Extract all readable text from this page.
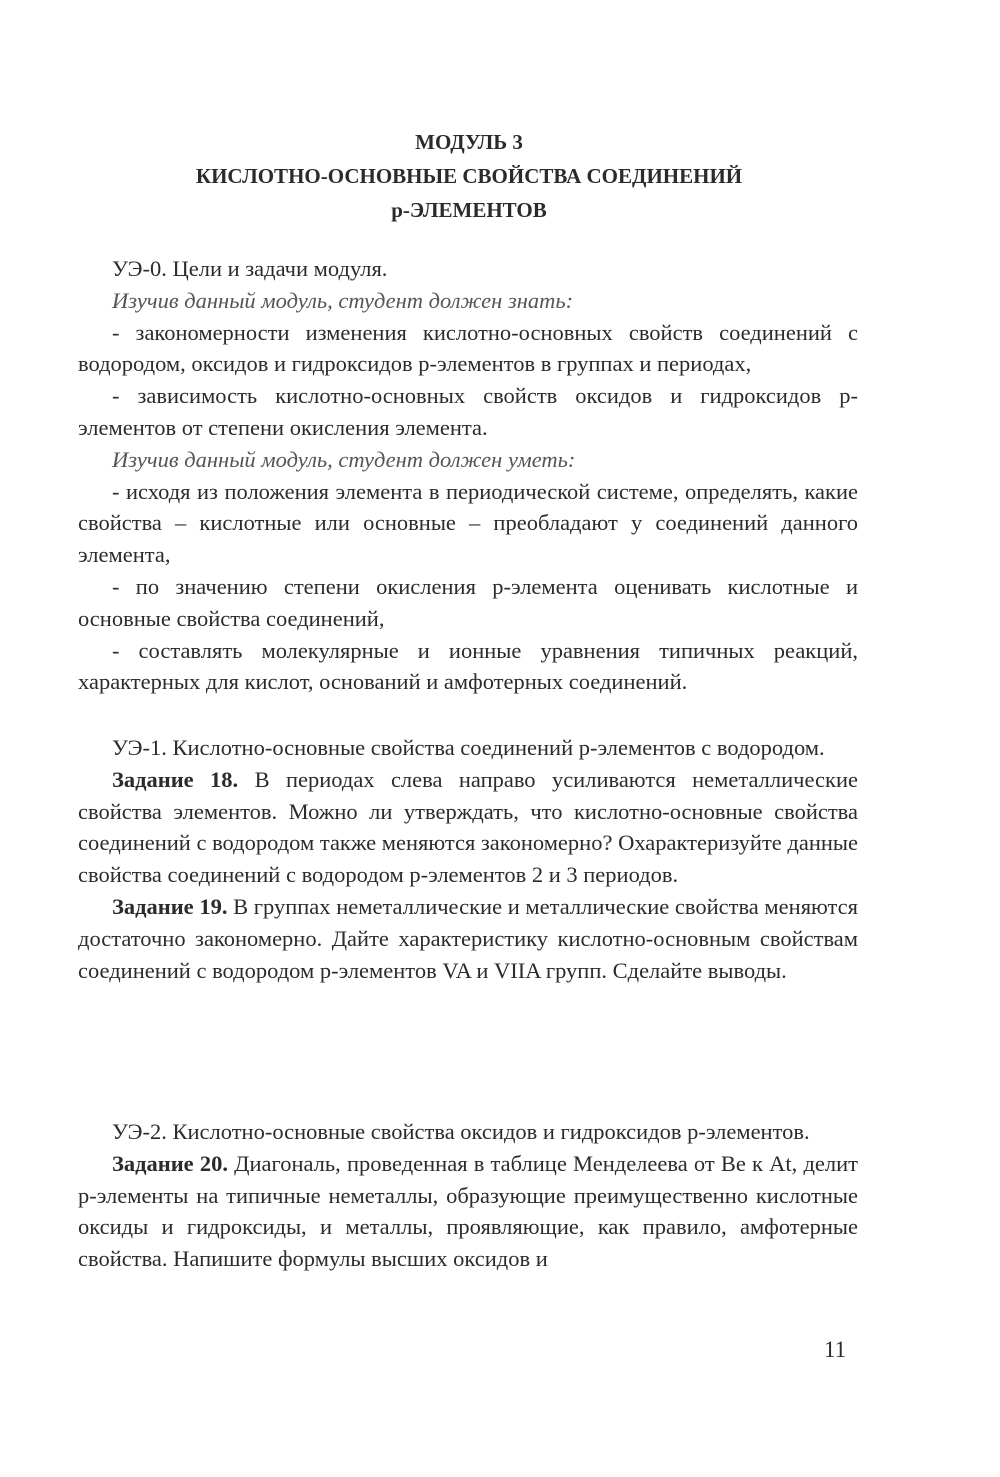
МОДУЛЬ 3
КИСЛОТНО-ОСНОВНЫЕ СВОЙСТВА СОЕДИНЕНИЙ
p-ЭЛЕМЕНТОВ

УЭ-0. Цели и задачи модуля.

Изучив данный модуль, студент должен знать:

- закономерности изменения кислотно-основных свойств соединений с водородом, оксидов и гидроксидов p-элементов в группах и периодах,

- зависимость кислотно-основных свойств оксидов и гидроксидов p-элементов от степени окисления элемента.

Изучив данный модуль, студент должен уметь:

- исходя из положения элемента в периодической системе, определять, какие свойства – кислотные или основные – преобладают у соединений данного элемента,

- по значению степени окисления p-элемента оценивать кислотные и основные свойства соединений,

- составлять молекулярные и ионные уравнения типичных реакций, характерных для кислот, оснований и амфотерных соединений.

УЭ-1. Кислотно-основные свойства соединений p-элементов с водородом.

Задание 18. В периодах слева направо усиливаются неметаллические свойства элементов. Можно ли утверждать, что кислотно-основные свойства соединений с водородом также меняются закономерно? Охарактеризуйте данные свойства соединений с водородом p-элементов 2 и 3 периодов.

Задание 19. В группах неметаллические и металлические свойства меняются достаточно закономерно. Дайте характеристику кислотно-основным свойствам соединений с водородом p-элементов VA и VIIA групп. Сделайте выводы.

УЭ-2. Кислотно-основные свойства оксидов и гидроксидов p-элементов.

Задание 20. Диагональ, проведенная в таблице Менделеева от Be к At, делит p-элементы на типичные неметаллы, образующие преимущественно кислотные оксиды и гидроксиды, и металлы, проявляющие, как правило, амфотерные свойства. Напишите формулы высших оксидов и

11
